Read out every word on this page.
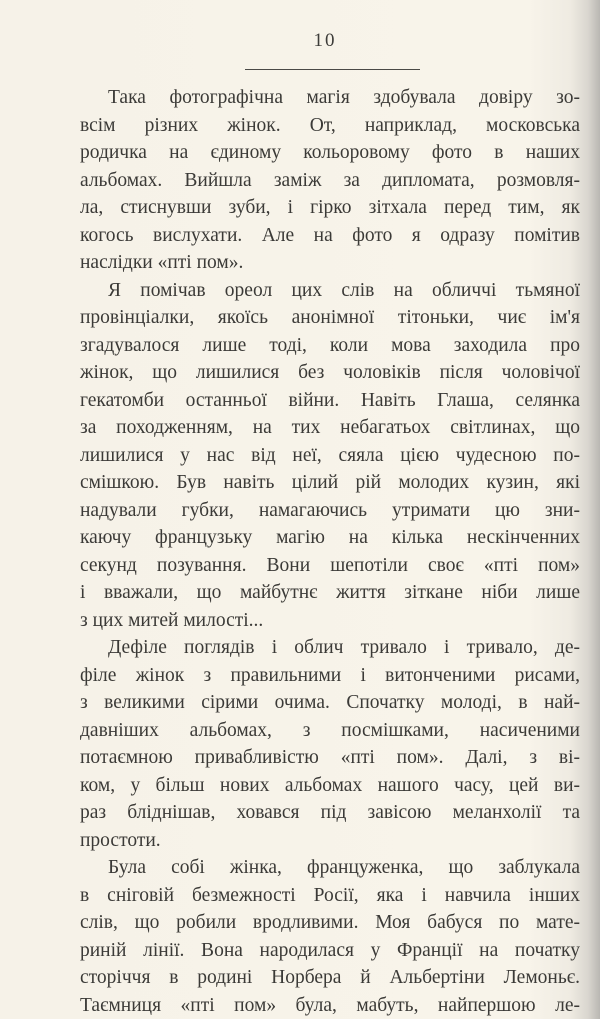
10
Така фотографічна магія здобувала довіру зо-
всім різних жінок. От, наприклад, московська
родичка на єдиному кольоровому фото в наших
альбомах. Вийшла заміж за дипломата, розмовля-
ла, стиснувши зуби, і гірко зітхала перед тим, як
когось вислухати. Але на фото я одразу помітив
наслідки «пті пом».
Я помічав ореол цих слів на обличчі тьмяної
провінціалки, якоїсь анонімної тітоньки, чиє ім'я
згадувалося лише тоді, коли мова заходила про
жінок, що лишилися без чоловіків після чоловічої
гекатомби останньої війни. Навіть Глаша, селянка
за походженням, на тих небагатьох світлинах, що
лишилися у нас від неї, сяяла цією чудесною по-
смішкою. Був навіть цілий рій молодих кузин, які
надували губки, намагаючись утримати цю зни-
каючу французьку магію на кілька нескінченних
секунд позування. Вони шепотіли своє «пті пом»
і вважали, що майбутнє життя зіткане ніби лише
з цих митей милості...
Дефіле поглядів і облич тривало і тривало, де-
філе жінок з правильними і витонченими рисами,
з великими сірими очима. Спочатку молоді, в най-
давніших альбомах, з посмішками, насиченими
потаємною привабливістю «пті пом». Далі, з ві-
ком, у більш нових альбомах нашого часу, цей ви-
раз бліднішав, ховався під завісою меланхолії та
простоти.
Була собі жінка, француженка, що заблукала
в сніговій безмежності Росії, яка і навчила інших
слів, що робили вродливими. Моя бабуся по мате-
риній лінії. Вона народилася у Франції на початку
сторіччя в родині Норбера й Альбертіни Лемоньє.
Таємниця «пті пом» була, мабуть, найпершою ле-
